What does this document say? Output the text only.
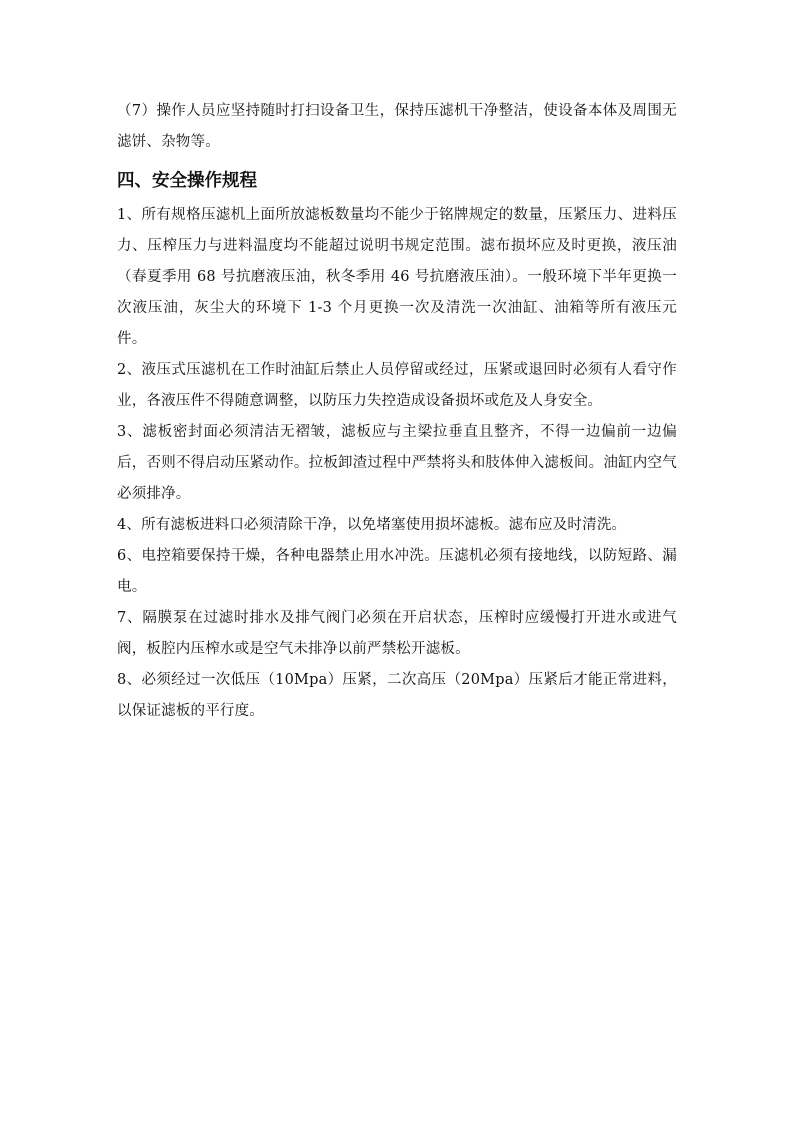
（7）操作人员应坚持随时打扫设备卫生，保持压滤机干净整洁，使设备本体及周围无滤饼、杂物等。

四、安全操作规程

1、所有规格压滤机上面所放滤板数量均不能少于铭牌规定的数量，压紧压力、进料压力、压榨压力与进料温度均不能超过说明书规定范围。滤布损坏应及时更换，液压油（春夏季用 68 号抗磨液压油，秋冬季用 46 号抗磨液压油）。一般环境下半年更换一次液压油，灰尘大的环境下 1-3 个月更换一次及清洗一次油缸、油箱等所有液压元件。

2、液压式压滤机在工作时油缸后禁止人员停留或经过，压紧或退回时必须有人看守作业，各液压件不得随意调整，以防压力失控造成设备损坏或危及人身安全。

3、滤板密封面必须清洁无褶皱，滤板应与主梁拉垂直且整齐，不得一边偏前一边偏后，否则不得启动压紧动作。拉板卸渣过程中严禁将头和肢体伸入滤板间。油缸内空气必须排净。

4、所有滤板进料口必须清除干净，以免堵塞使用损坏滤板。滤布应及时清洗。

6、电控箱要保持干燥，各种电器禁止用水冲洗。压滤机必须有接地线，以防短路、漏电。

7、隔膜泵在过滤时排水及排气阀门必须在开启状态，压榨时应缓慢打开进水或进气阀，板腔内压榨水或是空气未排净以前严禁松开滤板。

8、必须经过一次低压（10Mpa）压紧，二次高压（20Mpa）压紧后才能正常进料，以保证滤板的平行度。
